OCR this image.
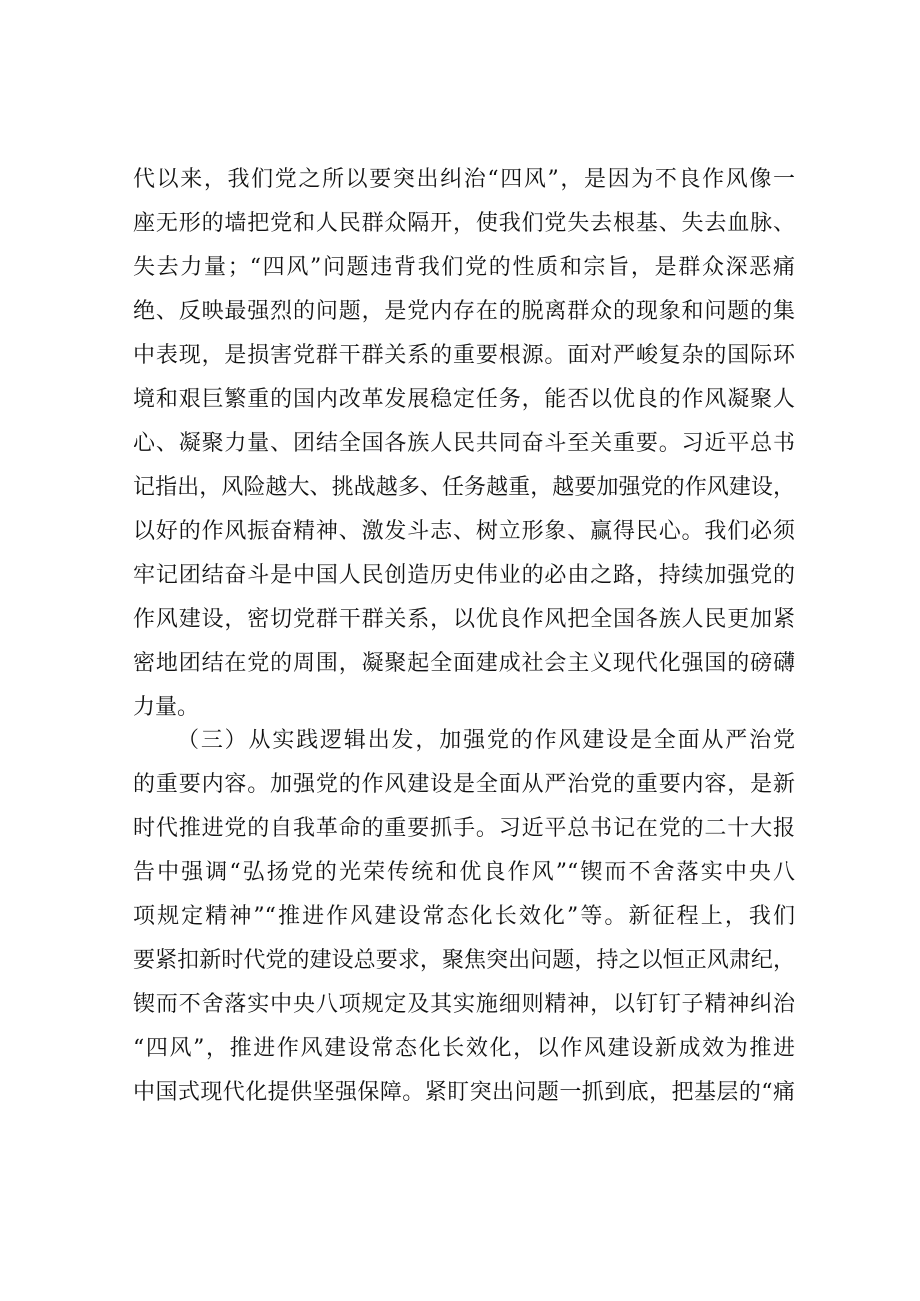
代以来，我们党之所以要突出纠治“四风”，是因为不良作风像一
座无形的墙把党和人民群众隔开，使我们党失去根基、失去血脉、
失去力量；“四风”问题违背我们党的性质和宗旨，是群众深恶痛
绝、反映最强烈的问题，是党内存在的脱离群众的现象和问题的集
中表现，是损害党群干群关系的重要根源。面对严峻复杂的国际环
境和艰巨繁重的国内改革发展稳定任务，能否以优良的作风凝聚人
心、凝聚力量、团结全国各族人民共同奋斗至关重要。习近平总书
记指出，风险越大、挑战越多、任务越重，越要加强党的作风建设，
以好的作风振奋精神、激发斗志、树立形象、赢得民心。我们必须
牢记团结奋斗是中国人民创造历史伟业的必由之路，持续加强党的
作风建设，密切党群干群关系，以优良作风把全国各族人民更加紧
密地团结在党的周围，凝聚起全面建成社会主义现代化强国的磅礴
力量。
（三）从实践逻辑出发，加强党的作风建设是全面从严治党
的重要内容。加强党的作风建设是全面从严治党的重要内容，是新
时代推进党的自我革命的重要抓手。习近平总书记在党的二十大报
告中强调“弘扬党的光荣传统和优良作风”“锲而不舍落实中央八
项规定精神”“推进作风建设常态化长效化”等。新征程上，我们
要紧扣新时代党的建设总要求，聚焦突出问题，持之以恒正风肃纪，
锲而不舍落实中央八项规定及其实施细则精神，以钉钉子精神纠治
“四风”，推进作风建设常态化长效化，以作风建设新成效为推进
中国式现代化提供坚强保障。紧盯突出问题一抓到底，把基层的“痛
